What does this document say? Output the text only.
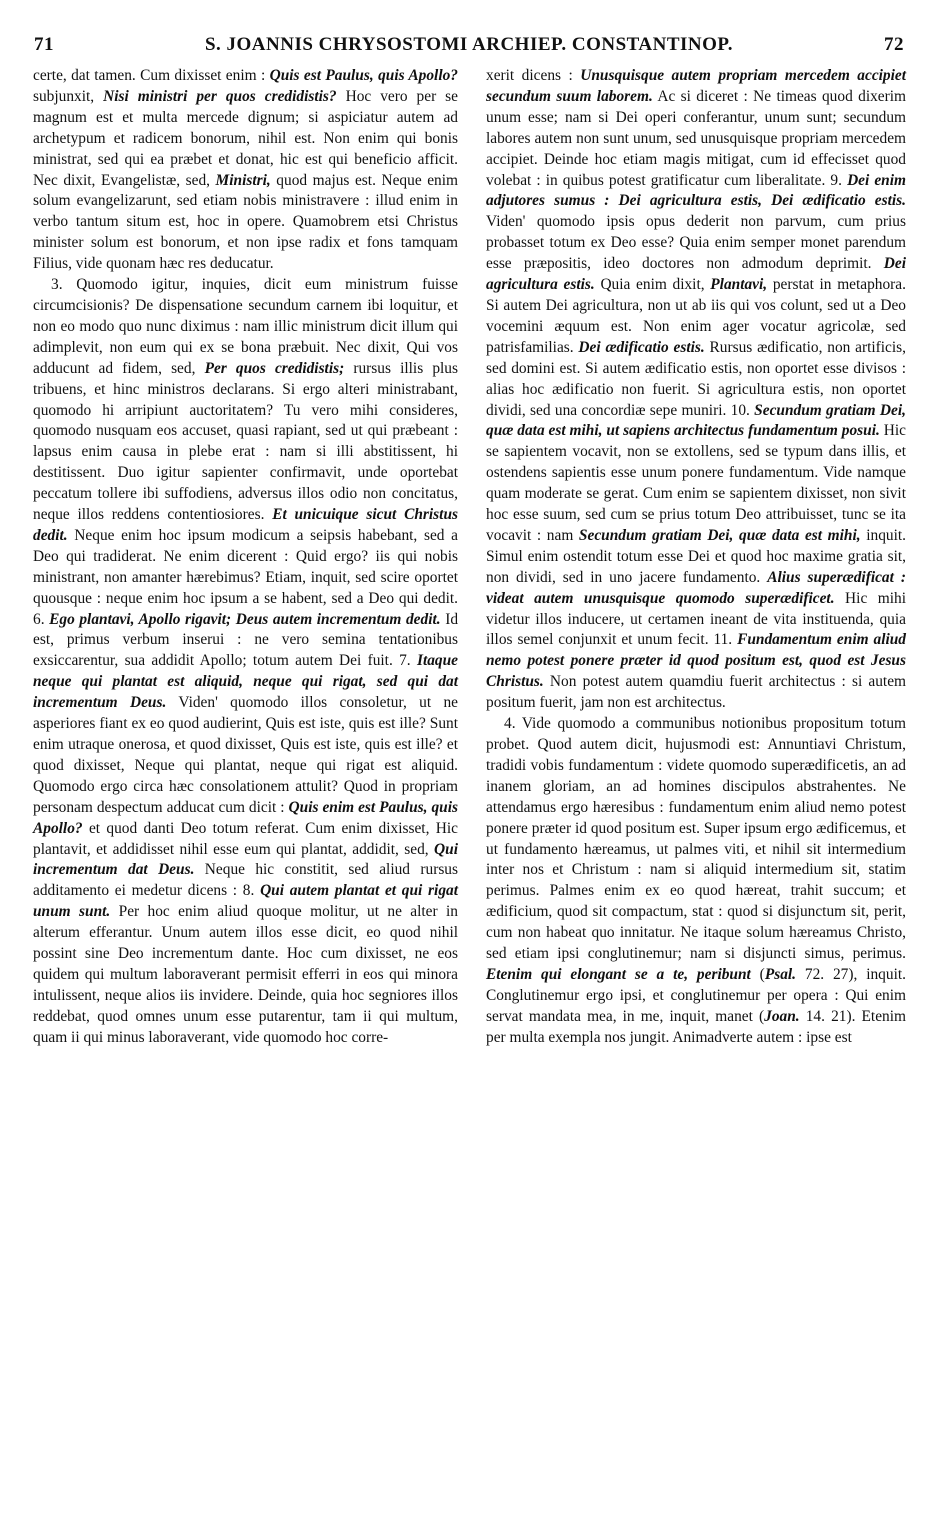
71	S. JOANNIS CHRYSOSTOMI ARCHIEP. CONSTANTINOP.	72

certe, dat tamen. Cum dixisset enim : Quis est Paulus, quis Apollo? subjunxit, Nisi ministri per quos credidistis? Hoc vero per se magnum est et multa mercede dignum; si aspiciatur autem ad archetypum et radicem bonorum, nihil est. Non enim qui bonis ministrat, sed qui ea præbet et donat, hic est qui beneficio afficit. Nec dixit, Evangelistæ, sed, Ministri, quod majus est. Neque enim solum evangelizarunt, sed etiam nobis ministravere : illud enim in verbo tantum situm est, hoc in opere. Quamobrem etsi Christus minister solum est bonorum, et non ipse radix et fons tamquam Filius, vide quonam hæc res deducatur.

3. Quomodo igitur, inquies, dicit eum ministrum fuisse circumcisionis? De dispensatione secundum carnem ibi loquitur, et non eo modo quo nunc diximus : nam illic ministrum dicit illum qui adimplevit, non eum qui ex se bona præbuit. Nec dixit, Qui vos adducunt ad fidem, sed, Per quos credidistis; rursus illis plus tribuens, et hinc ministros declarans. Si ergo alteri ministrabant, quomodo hi arripiunt auctoritatem? Tu vero mihi consideres, quomodo nusquam eos accuset, quasi rapiant, sed ut qui præbeant : lapsus enim causa in plebe erat : nam si illi abstitissent, hi destitissent. Duo igitur sapienter confirmavit, unde oportebat peccatum tollere ibi suffodiens, adversus illos odio non concitatus, neque illos reddens contentiosiores. Et unicuique sicut Christus dedit. Neque enim hoc ipsum modicum a seipsis habebant, sed a Deo qui tradiderat. Ne enim dicerent : Quid ergo? iis qui nobis ministrant, non amanter hærebimus? Etiam, inquit, sed scire oportet quousque : neque enim hoc ipsum a se habent, sed a Deo qui dedit. 6. Ego plantavi, Apollo rigavit; Deus autem incrementum dedit. Id est, primus verbum inserui : ne vero semina tentationibus exsiccarentur, sua addidit Apollo; totum autem Dei fuit. 7. Itaque neque qui plantat est aliquid, neque qui rigat, sed qui dat incrementum Deus. Viden' quomodo illos consoletur, ut ne asperiores fiant ex eo quod audierint, Quis est iste, quis est ille? Sunt enim utraque onerosa, et quod dixisset, Quis est iste, quis est ille? et quod dixisset, Neque qui plantat, neque qui rigat est aliquid. Quomodo ergo circa hæc consolationem attulit? Quod in propriam personam despectum adducat cum dicit : Quis enim est Paulus, quis Apollo? et quod danti Deo totum referat. Cum enim dixisset, Hic plantavit, et addidisset nihil esse eum qui plantat, addidit, sed, Qui incrementum dat Deus. Neque hic constitit, sed aliud rursus additamento ei medetur dicens : 8. Qui autem plantat et qui rigat unum sunt. Per hoc enim aliud quoque molitur, ut ne alter in alterum efferantur. Unum autem illos esse dicit, eo quod nihil possint sine Deo incrementum dante. Hoc cum dixisset, ne eos quidem qui multum laboraverant permisit efferri in eos qui minora intulissent, neque alios iis invidere. Deinde, quia hoc segniores illos reddebat, quod omnes unum esse putarentur, tam ii qui multum, quam ii qui minus laboraverant, vide quomodo hoc corre-

xerit dicens : Unusquisque autem propriam mercedem accipiet secundum suum laborem. Ac si diceret : Ne timeas quod dixerim unum esse; nam si Dei operi conferantur, unum sunt; secundum labores autem non sunt unum, sed unusquisque propriam mercedem accipiet. Deinde hoc etiam magis mitigat, cum id effecisset quod volebat : in quibus potest gratificatur cum liberalitate. 9. Dei enim adjutores sumus : Dei agricultura estis, Dei ædificatio estis. Viden' quomodo ipsis opus dederit non parvum, cum prius probasset totum ex Deo esse? Quia enim semper monet parendum esse præpositis, ideo doctores non admodum deprimit. Dei agricultura estis. Quia enim dixit, Plantavi, perstat in metaphora. Si autem Dei agricultura, non ut ab iis qui vos colunt, sed ut a Deo vocemini æquum est. Non enim ager vocatur agricolæ, sed patrisfamilias. Dei ædificatio estis. Rursus ædificatio, non artificis, sed domini est. Si autem ædificatio estis, non oportet esse divisos : alias hoc ædificatio non fuerit. Si agricultura estis, non oportet dividi, sed una concordiæ sepe muniri. 10. Secundum gratiam Dei, quæ data est mihi, ut sapiens architectus fundamentum posui. Hic se sapientem vocavit, non se extollens, sed se typum dans illis, et ostendens sapientis esse unum ponere fundamentum. Vide namque quam moderate se gerat. Cum enim se sapientem dixisset, non sivit hoc esse suum, sed cum se prius totum Deo attribuisset, tunc se ita vocavit : nam Secundum gratiam Dei, quæ data est mihi, inquit. Simul enim ostendit totum esse Dei et quod hoc maxime gratia sit, non dividi, sed in uno jacere fundamento. Alius superædificat : videat autem unusquisque quomodo superædificet. Hic mihi videtur illos inducere, ut certamen ineant de vita instituenda, quia illos semel conjunxit et unum fecit. 11. Fundamentum enim aliud nemo potest ponere præter id quod positum est, quod est Jesus Christus. Non potest autem quamdiu fuerit architectus : si autem positum fuerit, jam non est architectus.

4. Vide quomodo a communibus notionibus propositum totum probet. Quod autem dicit, hujusmodi est: Annuntiavi Christum, tradidi vobis fundamentum : videte quomodo superædificetis, an ad inanem gloriam, an ad homines discipulos abstrahentes. Ne attendamus ergo hæresibus : fundamentum enim aliud nemo potest ponere præter id quod positum est. Super ipsum ergo ædificemus, et ut fundamento hæreamus, ut palmes viti, et nihil sit intermedium inter nos et Christum : nam si aliquid intermedium sit, statim perimus. Palmes enim ex eo quod hæreat, trahit succum; et ædificium, quod sit compactum, stat : quod si disjunctum sit, perit, cum non habeat quo innitatur. Ne itaque solum hæreamus Christo, sed etiam ipsi conglutinemur; nam si disjuncti simus, perimus. Etenim qui elongant se a te, peribunt (Psal. 72. 27), inquit. Conglutinemur ergo ipsi, et conglutinemur per opera : Qui enim servat mandata mea, in me, inquit, manet (Joan. 14. 21). Etenim per multa exempla nos jungit. Animadverte autem : ipse est
